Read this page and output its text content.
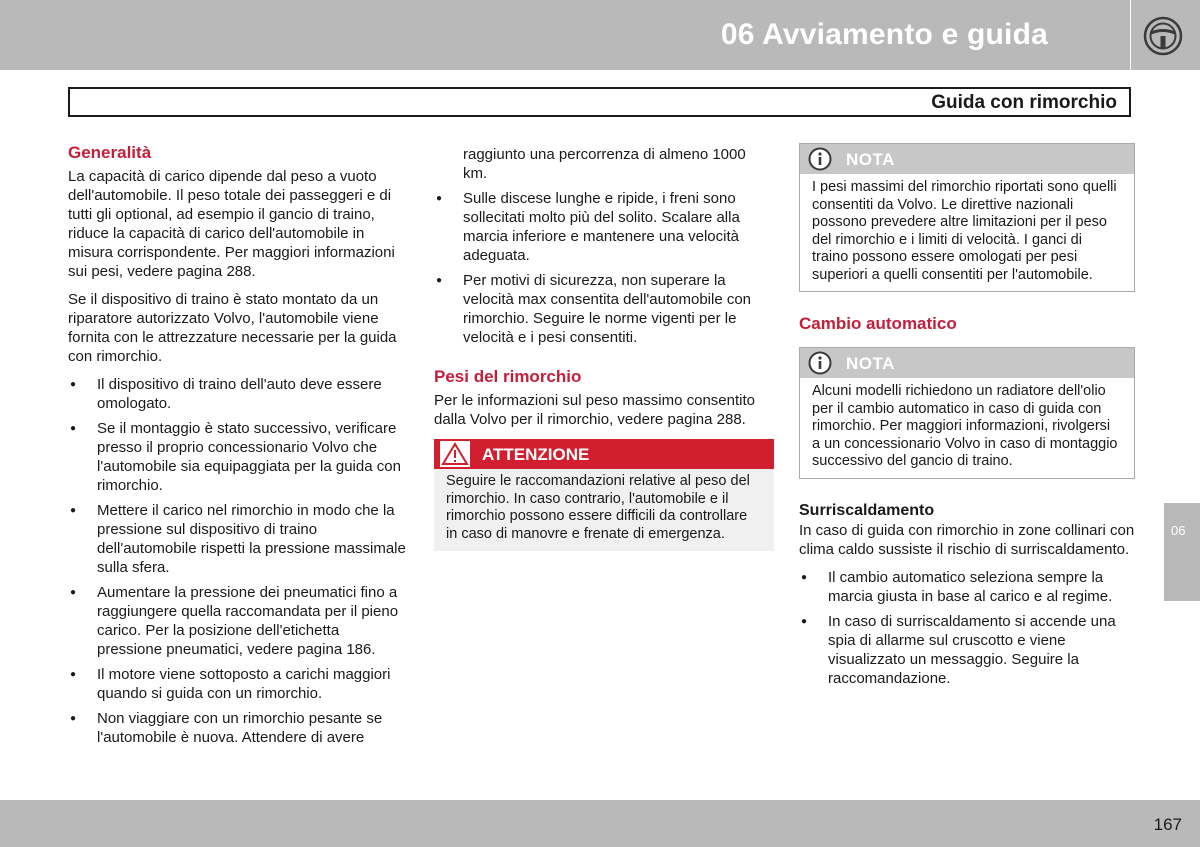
06 Avviamento e guida
Guida con rimorchio
Generalità

La capacità di carico dipende dal peso a vuoto dell'automobile. Il peso totale dei passeggeri e di tutti gli optional, ad esempio il gancio di traino, riduce la capacità di carico dell'automobile in misura corrispondente. Per maggiori informazioni sui pesi, vedere pagina 288.

Se il dispositivo di traino è stato montato da un riparatore autorizzato Volvo, l'automobile viene fornita con le attrezzature necessarie per la guida con rimorchio.

● Il dispositivo di traino dell'auto deve essere omologato.
● Se il montaggio è stato successivo, verificare presso il proprio concessionario Volvo che l'automobile sia equipaggiata per la guida con rimorchio.
● Mettere il carico nel rimorchio in modo che la pressione sul dispositivo di traino dell'automobile rispetti la pressione massimale sulla sfera.
● Aumentare la pressione dei pneumatici fino a raggiungere quella raccomandata per il pieno carico. Per la posizione dell'etichetta pressione pneumatici, vedere pagina 186.
● Il motore viene sottoposto a carichi maggiori quando si guida con un rimorchio.
● Non viaggiare con un rimorchio pesante se l'automobile è nuova. Attendere di avere

raggiunto una percorrenza di almeno 1000 km.

● Sulle discese lunghe e ripide, i freni sono sollecitati molto più del solito. Scalare alla marcia inferiore e mantenere una velocità adeguata.
● Per motivi di sicurezza, non superare la velocità max consentita dell'automobile con rimorchio. Seguire le norme vigenti per le velocità e i pesi consentiti.
Pesi del rimorchio

Per le informazioni sul peso massimo consentito dalla Volvo per il rimorchio, vedere pagina 288.

ATTENZIONE
Seguire le raccomandazioni relative al peso del rimorchio. In caso contrario, l'automobile e il rimorchio possono essere difficili da controllare in caso di manovre e frenate di emergenza.
NOTA
I pesi massimi del rimorchio riportati sono quelli consentiti da Volvo. Le direttive nazionali possono prevedere altre limitazioni per il peso del rimorchio e i limiti di velocità. I ganci di traino possono essere omologati per pesi superiori a quelli consentiti per l'automobile.
Cambio automatico
NOTA
Alcuni modelli richiedono un radiatore dell'olio per il cambio automatico in caso di guida con rimorchio. Per maggiori informazioni, rivolgersi a un concessionario Volvo in caso di montaggio successivo del gancio di traino.
Surriscaldamento

In caso di guida con rimorchio in zone collinari con clima caldo sussiste il rischio di surriscaldamento.

● Il cambio automatico seleziona sempre la marcia giusta in base al carico e al regime.
● In caso di surriscaldamento si accende una spia di allarme sul cruscotto e viene visualizzato un messaggio. Seguire la raccomandazione.
06
167
